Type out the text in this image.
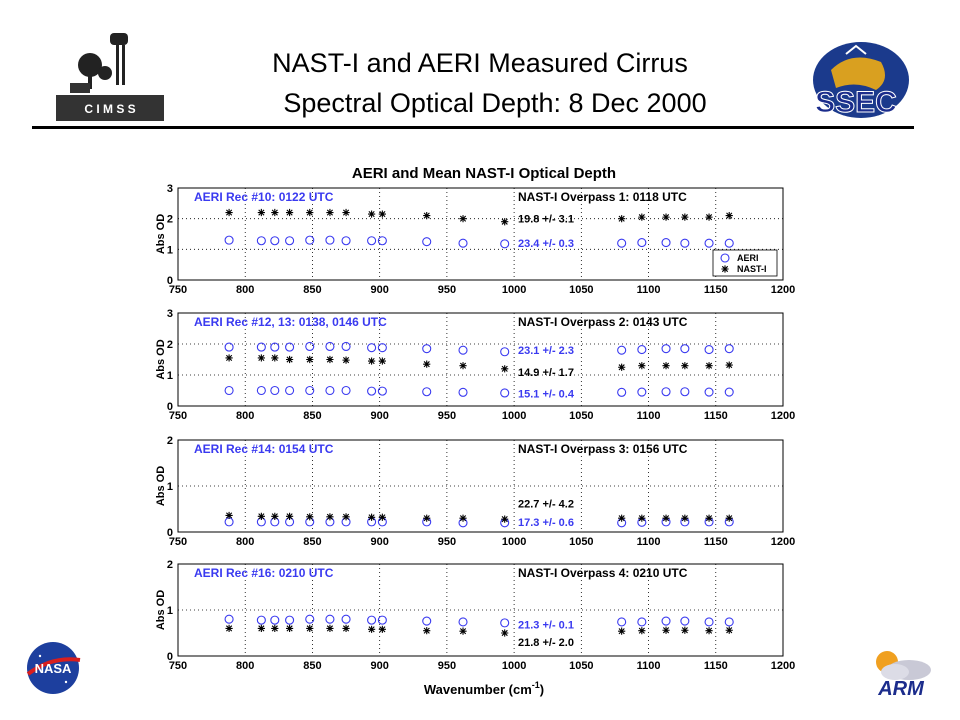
NAST-I and AERI Measured Cirrus
Spectral Optical Depth: 8 Dec 2000
C I M S S	SSEC
NASA
ARM
AERI and Mean NAST-I Optical Depth
Wavenumber $(cm^{-1})$
750	800	850	900	950	1000	1050	1100	1150	1200
0
1
2
3
Abs OD
AERI Rec #10: 0122 UTC	NAST-I Overpass 1: 0118 UTC
19.8 +/- 3.1
23.4 +/- 0.3
750	800	850	900	950	1000	1050	1100	1150	1200
0
1
2
3
Abs OD
AERI Rec #12, 13: 0138, 0146 UTC	NAST-I Overpass 2: 0143 UTC
23.1 +/- 2.3
14.9 +/- 1.7
15.1 +/- 0.4
750	800	850	900	950	1000	1050	1100	1150	1200
0
1
2
Abs OD
AERI Rec #14: 0154 UTC	NAST-I Overpass 3: 0156 UTC
22.7 +/- 4.2
17.3 +/- 0.6
750	800	850	900	950	1000	1050	1100	1150	1200
0
1
2
Abs OD
AERI Rec #16: 0210 UTC	NAST-I Overpass 4: 0210 UTC
21.3 +/- 0.1
21.8 +/- 2.0
AERI
NAST-I
